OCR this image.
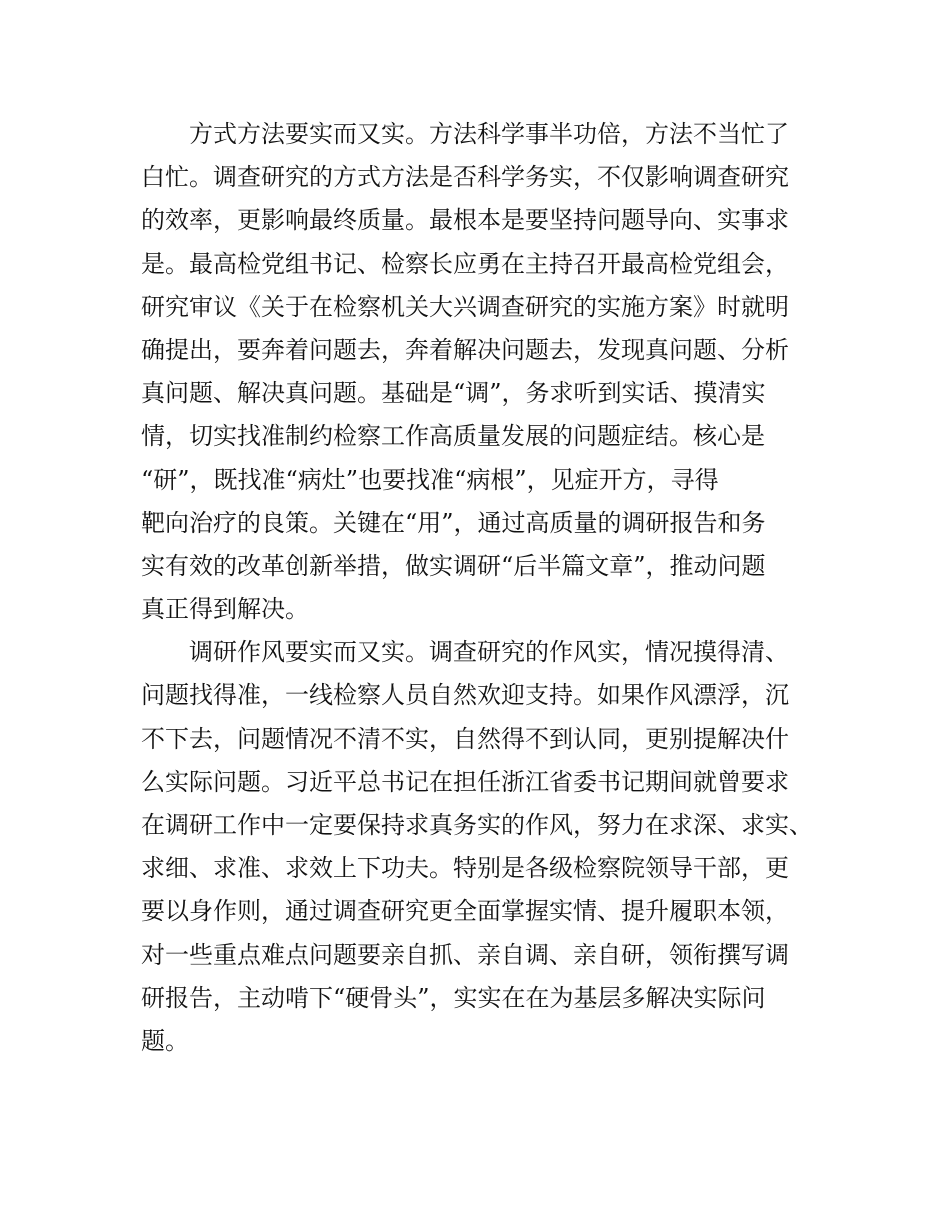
方式方法要实而又实。方法科学事半功倍，方法不当忙了
白忙。调查研究的方式方法是否科学务实，不仅影响调查研究
的效率，更影响最终质量。最根本是要坚持问题导向、实事求
是。最高检党组书记、检察长应勇在主持召开最高检党组会，
研究审议《关于在检察机关大兴调查研究的实施方案》时就明
确提出，要奔着问题去，奔着解决问题去，发现真问题、分析
真问题、解决真问题。基础是“调”，务求听到实话、摸清实
情，切实找准制约检察工作高质量发展的问题症结。核心是
“研”，既找准“病灶”也要找准“病根”，见症开方，寻得
靶向治疗的良策。关键在“用”，通过高质量的调研报告和务
实有效的改革创新举措，做实调研“后半篇文章”，推动问题
真正得到解决。
调研作风要实而又实。调查研究的作风实，情况摸得清、
问题找得准，一线检察人员自然欢迎支持。如果作风漂浮，沉
不下去，问题情况不清不实，自然得不到认同，更别提解决什
么实际问题。习近平总书记在担任浙江省委书记期间就曾要求
在调研工作中一定要保持求真务实的作风，努力在求深、求实、
求细、求准、求效上下功夫。特别是各级检察院领导干部，更
要以身作则，通过调查研究更全面掌握实情、提升履职本领，
对一些重点难点问题要亲自抓、亲自调、亲自研，领衔撰写调
研报告，主动啃下“硬骨头”，实实在在为基层多解决实际问
题。
